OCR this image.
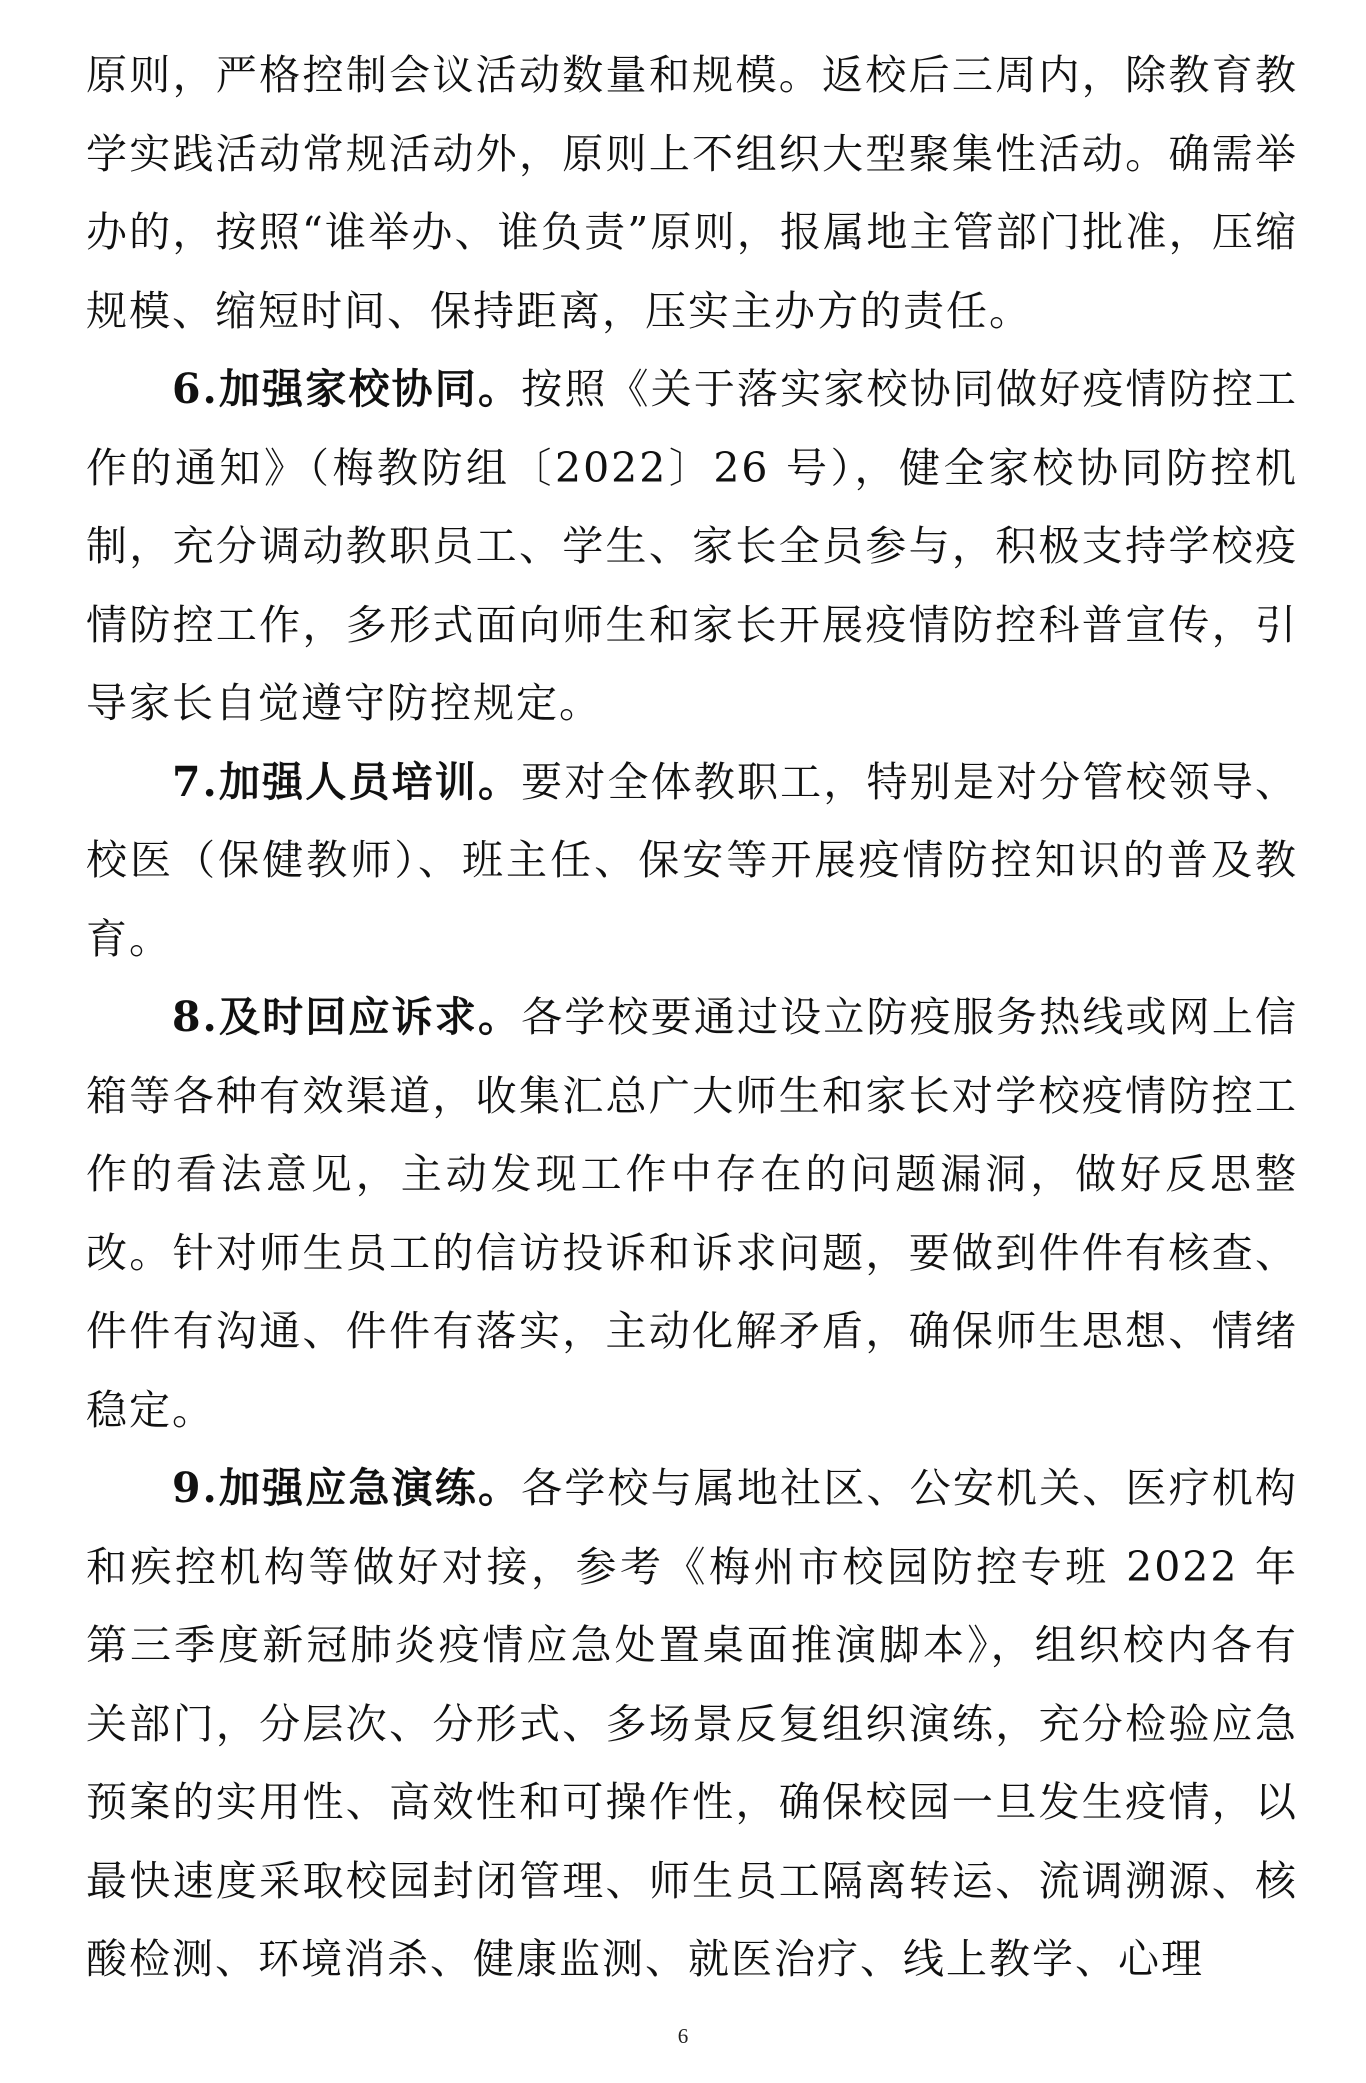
原则，严格控制会议活动数量和规模。返校后三周内，除教育教学实践活动常规活动外，原则上不组织大型聚集性活动。确需举办的，按照“谁举办、谁负责”原则，报属地主管部门批准，压缩规模、缩短时间、保持距离，压实主办方的责任。

6.加强家校协同。按照《关于落实家校协同做好疫情防控工作的通知》（梅教防组〔2022〕26 号），健全家校协同防控机制，充分调动教职员工、学生、家长全员参与，积极支持学校疫情防控工作，多形式面向师生和家长开展疫情防控科普宣传，引导家长自觉遵守防控规定。

7.加强人员培训。要对全体教职工，特别是对分管校领导、校医（保健教师）、班主任、保安等开展疫情防控知识的普及教育。

8.及时回应诉求。各学校要通过设立防疫服务热线或网上信箱等各种有效渠道，收集汇总广大师生和家长对学校疫情防控工作的看法意见，主动发现工作中存在的问题漏洞，做好反思整改。针对师生员工的信访投诉和诉求问题，要做到件件有核查、件件有沟通、件件有落实，主动化解矛盾，确保师生思想、情绪稳定。

9.加强应急演练。各学校与属地社区、公安机关、医疗机构和疾控机构等做好对接，参考《梅州市校园防控专班 2022 年第三季度新冠肺炎疫情应急处置桌面推演脚本》，组织校内各有关部门，分层次、分形式、多场景反复组织演练，充分检验应急预案的实用性、高效性和可操作性，确保校园一旦发生疫情，以最快速度采取校园封闭管理、师生员工隔离转运、流调溯源、核酸检测、环境消杀、健康监测、就医治疗、线上教学、心理

6
